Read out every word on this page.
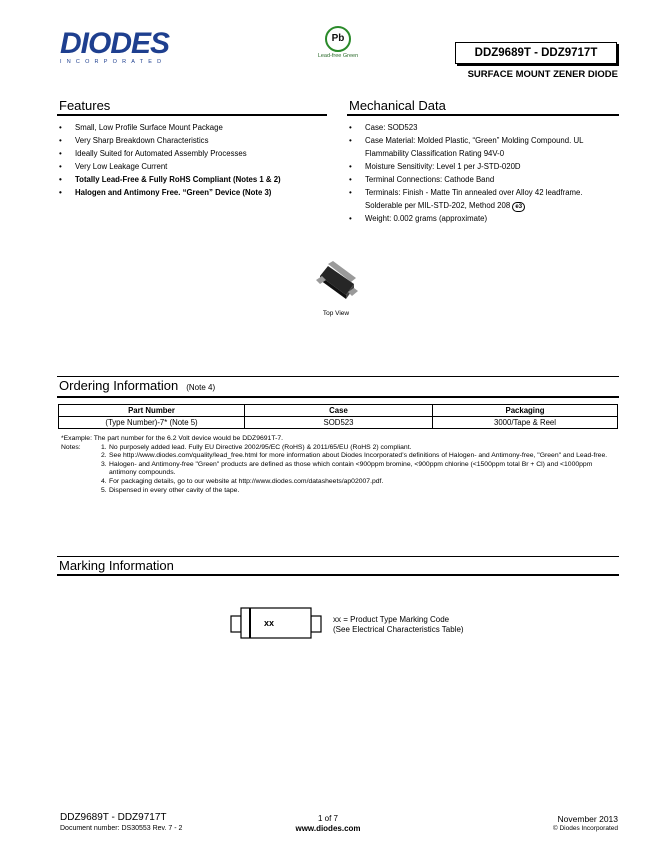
DIODES
INCORPORATED
Pb
Lead-free Green	DDZ9689T - DDZ9717T
SURFACE MOUNT ZENER DIODE
Features
• Small, Low Profile Surface Mount Package
• Very Sharp Breakdown Characteristics
• Ideally Suited for Automated Assembly Processes
• Very Low Leakage Current
• Totally Lead-Free & Fully RoHS Compliant (Notes 1 & 2)
• Halogen and Antimony Free. “Green” Device (Note 3)
Mechanical Data
• Case: SOD523
• Case Material: Molded Plastic, “Green” Molding Compound. UL Flammability Classification Rating 94V-0
• Moisture Sensitivity: Level 1 per J-STD-020D
• Terminal Connections: Cathode Band
• Terminals: Finish - Matte Tin annealed over Alloy 42 leadframe. Solderable per MIL-STD-202, Method 208 e3
• Weight: 0.002 grams (approximate)
Top View
Ordering Information (Note 4)
Part Number	Case	Packaging
(Type Number)-7* (Note 5)	SOD523	3000/Tape & Reel
*Example: The part number for the 6.2 Volt device would be DDZ9691T-7.
Notes:	1. No purposely added lead. Fully EU Directive 2002/95/EC (RoHS) & 2011/65/EU (RoHS 2) compliant.
2. See http://www.diodes.com/quality/lead_free.html for more information about Diodes Incorporated’s definitions of Halogen- and Antimony-free, "Green" and Lead-free.
3. Halogen- and Antimony-free "Green" products are defined as those which contain <900ppm bromine, <900ppm chlorine (<1500ppm total Br + Cl) and <1000ppm antimony compounds.
4. For packaging details, go to our website at http://www.diodes.com/datasheets/ap02007.pdf.
5. Dispensed in every other cavity of the tape.
Marking Information
xx	xx = Product Type Marking Code
(See Electrical Characteristics Table)
DDZ9689T - DDZ9717T
Document number: DS30553 Rev. 7 - 2
1 of 7
www.diodes.com
November 2013
© Diodes Incorporated
